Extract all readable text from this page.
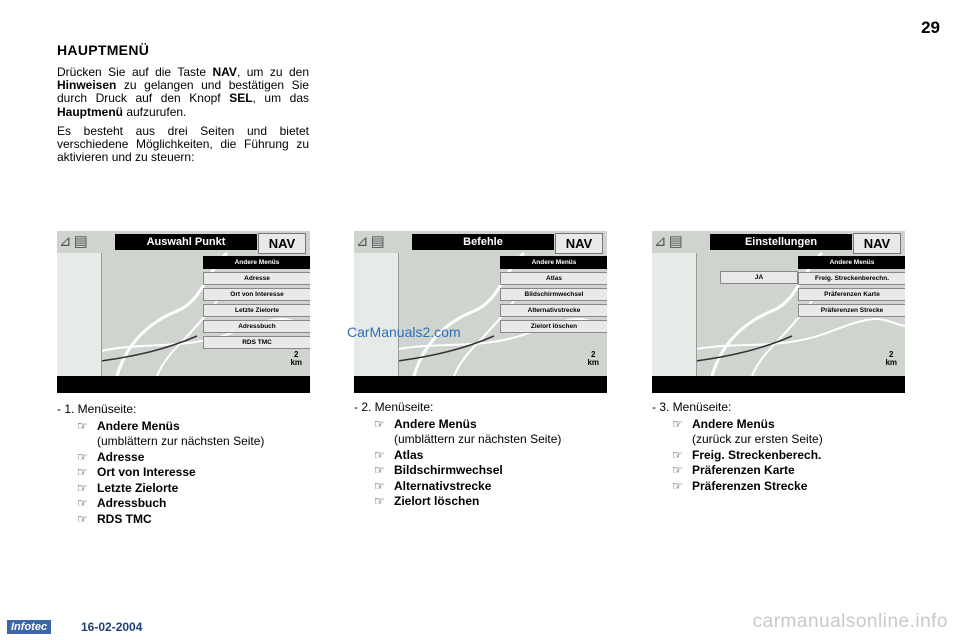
29
HAUPTMENÜ

Drücken Sie auf die Taste NAV, um zu den Hinweisen zu gelangen und bestätigen Sie durch Druck auf den Knopf SEL, um das Hauptmenü aufzurufen.

Es besteht aus drei Seiten und bietet verschiedene Möglichkeiten, die Führung zu aktivieren und zu steuern:

⊿▤	Auswahl Punkt	NAV
Andere Menüs
Adresse
Ort von Interesse
Letzte Zielorte
Adressbuch
RDS TMC
2
km
⊿▤	Befehle	NAV
Andere Menüs
Atlas
Bildschirmwechsel
Alternativstrecke
Zielort löschen
2
km
⊿▤	Einstellungen	NAV
JA
Andere Menüs
Freig. Streckenberechn.
Präferenzen Karte
Präferenzen Strecke
2
km
CarManuals2.com
- 1. Menüseite:
☞ Andere Menüs
(umblättern zur nächsten Seite)
☞ Adresse
☞ Ort von Interesse
☞ Letzte Zielorte
☞ Adressbuch
☞ RDS TMC
- 2. Menüseite:
☞ Andere Menüs
(umblättern zur nächsten Seite)
☞ Atlas
☞ Bildschirmwechsel
☞ Alternativstrecke
☞ Zielort löschen
- 3. Menüseite:
☞ Andere Menüs
(zurück zur ersten Seite)
☞ Freig. Streckenberech.
☞ Präferenzen Karte
☞ Präferenzen Strecke
Infotec	16-02-2004	carmanualsonline.info
